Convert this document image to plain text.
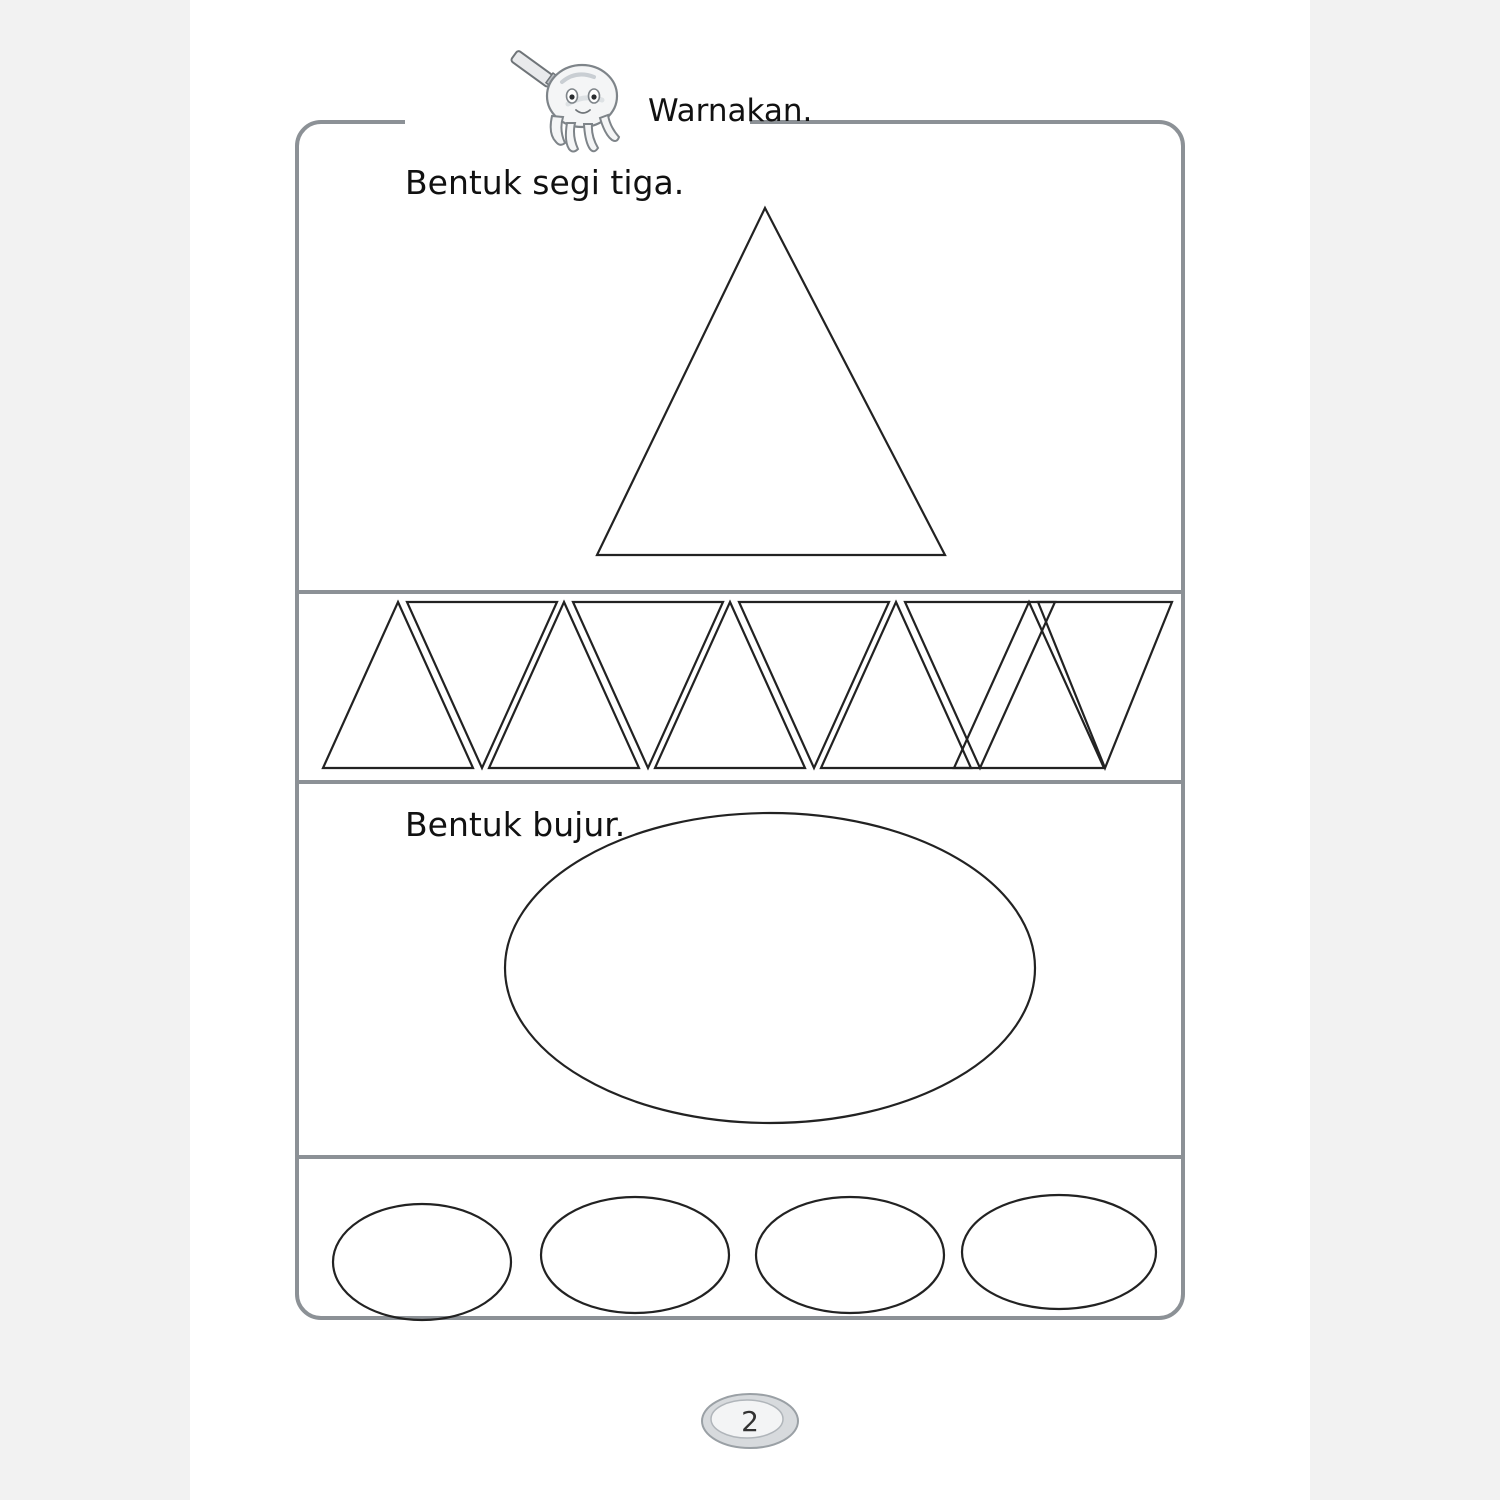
Warnakan.
Bentuk segi tiga.
Bentuk bujur.
2
